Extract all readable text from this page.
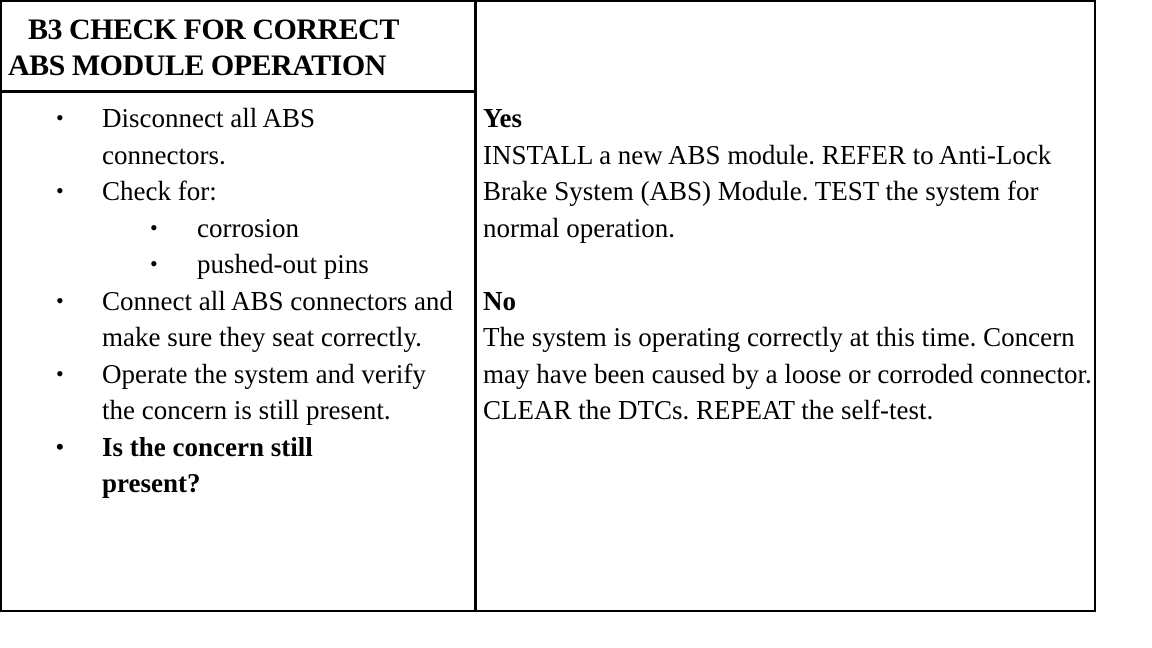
B3 CHECK FOR CORRECT
ABS MODULE OPERATION
• Disconnect all ABS connectors.
• Check for:
• corrosion
• pushed-out pins
• Connect all ABS connectors and make sure they seat correctly.
• Operate the system and verify the concern is still present.
• Is the concern still present?
Yes
INSTALL a new ABS module. REFER to Anti-Lock Brake System (ABS) Module. TEST the system for normal operation.
No
The system is operating correctly at this time. Concern may have been caused by a loose or corroded connector. CLEAR the DTCs. REPEAT the self-test.
